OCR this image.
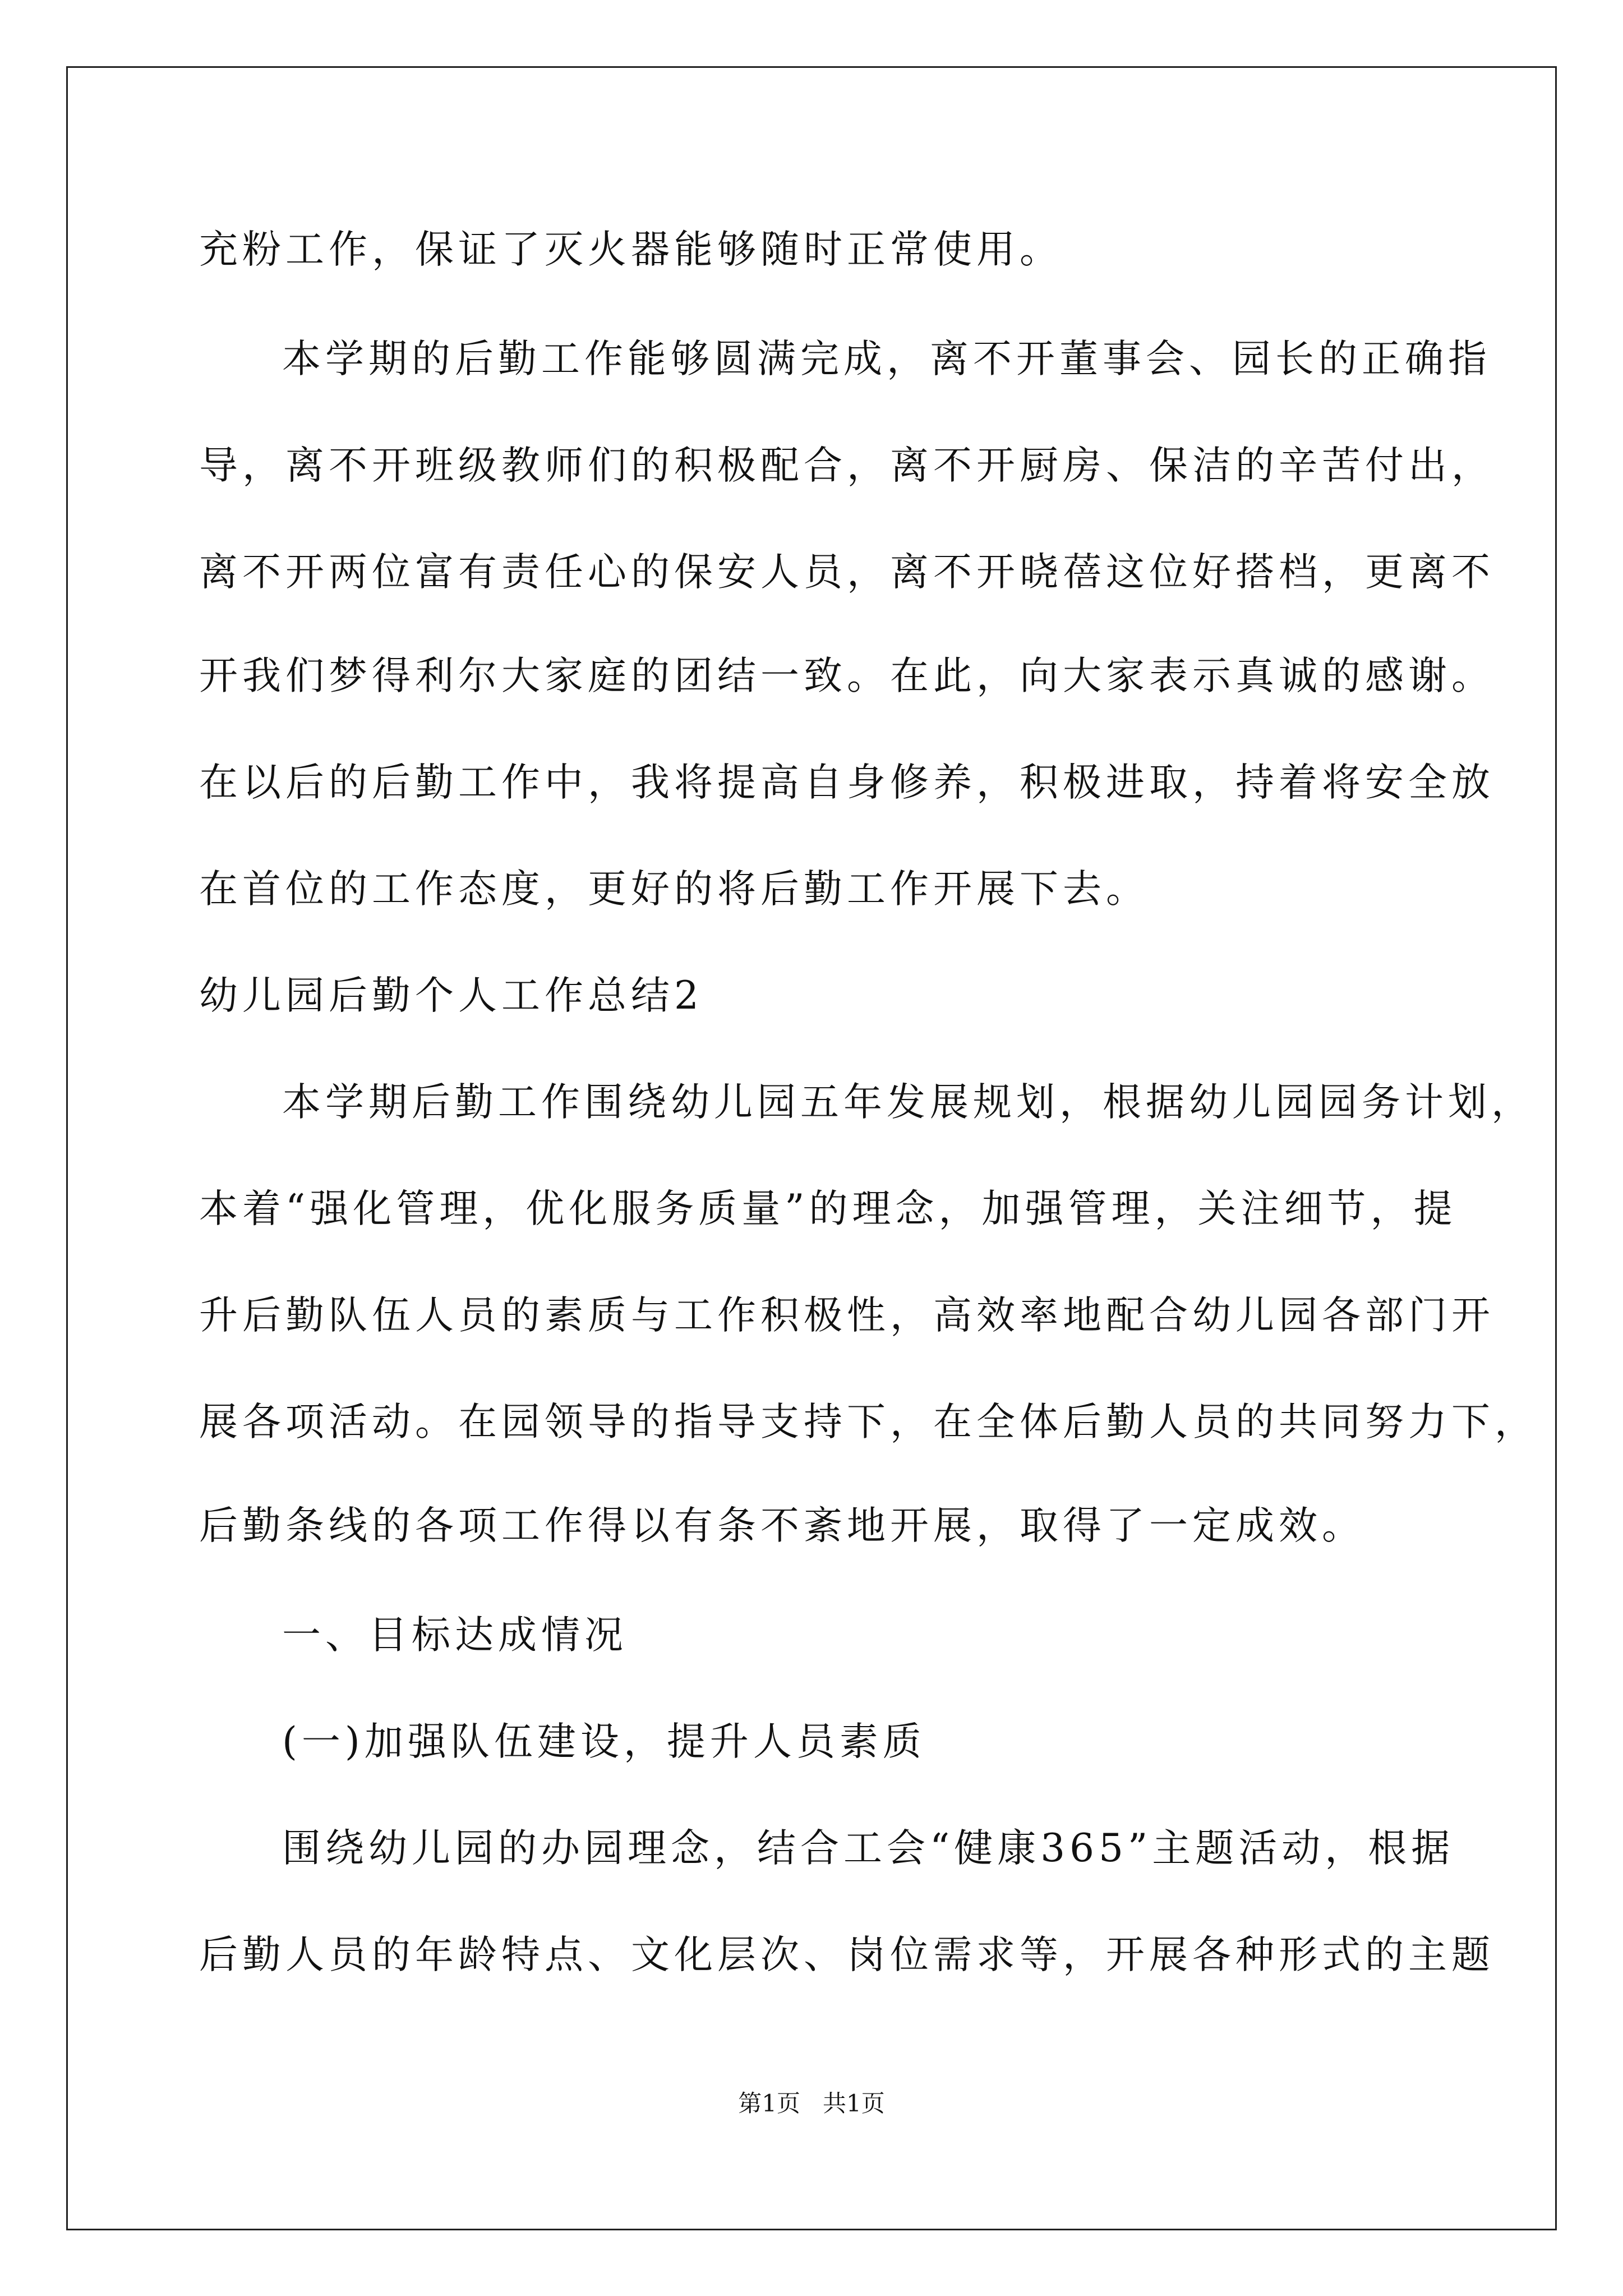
充粉工作，保证了灭火器能够随时正常使用。
本学期的后勤工作能够圆满完成，离不开董事会、园长的正确指
导，离不开班级教师们的积极配合，离不开厨房、保洁的辛苦付出，
离不开两位富有责任心的保安人员，离不开晓蓓这位好搭档，更离不
开我们梦得利尔大家庭的团结一致。在此，向大家表示真诚的感谢。
在以后的后勤工作中，我将提高自身修养，积极进取，持着将安全放
在首位的工作态度，更好的将后勤工作开展下去。
幼儿园后勤个人工作总结2
本学期后勤工作围绕幼儿园五年发展规划，根据幼儿园园务计划，
本着“强化管理，优化服务质量”的理念，加强管理，关注细节，提
升后勤队伍人员的素质与工作积极性，高效率地配合幼儿园各部门开
展各项活动。在园领导的指导支持下，在全体后勤人员的共同努力下，
后勤条线的各项工作得以有条不紊地开展，取得了一定成效。
一、目标达成情况
(一)加强队伍建设，提升人员素质
围绕幼儿园的办园理念，结合工会“健康365”主题活动，根据
后勤人员的年龄特点、文化层次、岗位需求等，开展各种形式的主题
第1页   共1页
